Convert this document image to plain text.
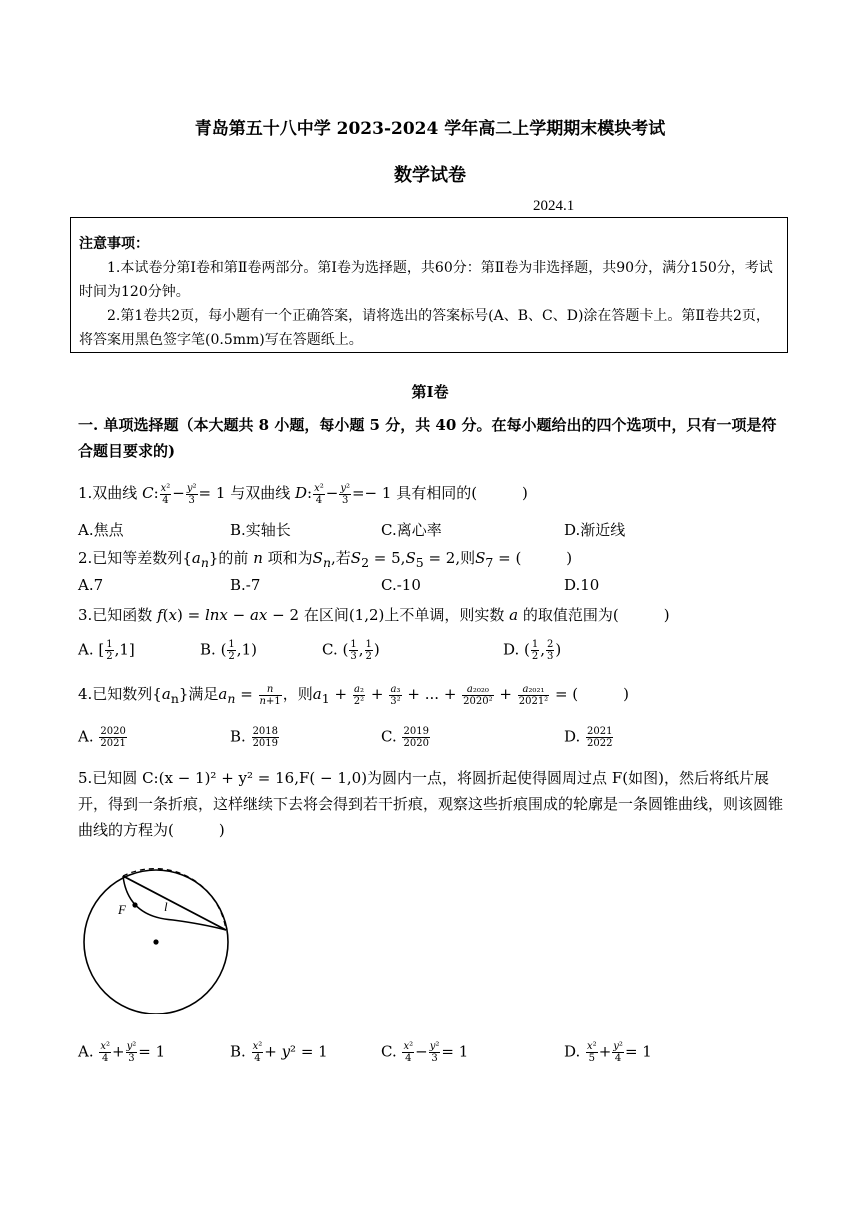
青岛第五十八中学 2023-2024 学年高二上学期期末模块考试
数学试卷
2024.1
注意事项：

1.本试卷分第Ⅰ卷和第Ⅱ卷两部分。第Ⅰ卷为选择题，共60分：第Ⅱ卷为非选择题，共90分，满分150分，考试时间为120分钟。

2.第1卷共2页，每小题有一个正确答案，请将选出的答案标号(A、B、C、D)涂在答题卡上。第Ⅱ卷共2页，将答案用黑色签字笔(0.5mm)写在答题纸上。

第Ⅰ卷
一. 单项选择题（本大题共 8 小题，每小题 5 分，共 40 分。在每小题给出的四个选项中，只有一项是符合题目要求的)
1.双曲线 C: $\frac{\text{x²}}{4} - \frac{\text{y²}}{3} = 1$ 与双曲线 D: $\frac{\text{x²}}{4} - \frac{\text{y²}}{3} =- 1$ 具有相同的(　　　)
A.焦点	B.实轴长	C.离心率	D.渐近线
2.已知等差数列$\{a_n\}$的前 n 项和为$S_n$,若$S_2 = 5,S_5 = 2$,则$S_7$ = (　　　)
A.7	B.-7	C.-10	D.10
3.已知函数 f(x) = lnx − ax − 2 在区间(1,2)上不单调，则实数 a 的取值范围为(　　　)
A. [ $\frac{1}{2} ,1$]	B. ( $\frac{1}{2} ,1$)	C. ( $\frac{1}{3}$ , $\frac{1}{2}$ )	D. ( $\frac{1}{2}$ , $\frac{2}{3}$ )
4.已知数列$\{a_n\}$满足$a_n = \frac{n}{n+1}$ ，则$a_1 + \frac{\text{a₂}}{\text{2²}} + \frac{\text{a₃}}{\text{3²}}$ + ... + $\frac{\text{a₂₀₂₀}}{\text{2020²}} + \frac{\text{a₂₀₂₁}}{\text{2021²}}$ = (　　　)
A. $\frac{2020}{2021}$	B. $\frac{2018}{2019}$	C. $\frac{2019}{2020}$	D. $\frac{2021}{2022}$
5.已知圆 C:(x − 1)² + y² = 16,F( − 1,0)为圆内一点，将圆折起使得圆周过点 F(如图)，然后将纸片展开，得到一条折痕，这样继续下去将会得到若干折痕，观察这些折痕围成的轮廓是一条圆锥曲线，则该圆锥曲线的方程为(　　　)
F	l
A. $\frac{\text{x²}}{4} + \frac{\text{y²}}{3} = 1$	B. $\frac{\text{x²}}{4} + y^2 = 1$	C. $\frac{\text{x²}}{4} - \frac{\text{y²}}{3} = 1$	D. $\frac{\text{x²}}{5} + \frac{\text{y²}}{4} = 1$
